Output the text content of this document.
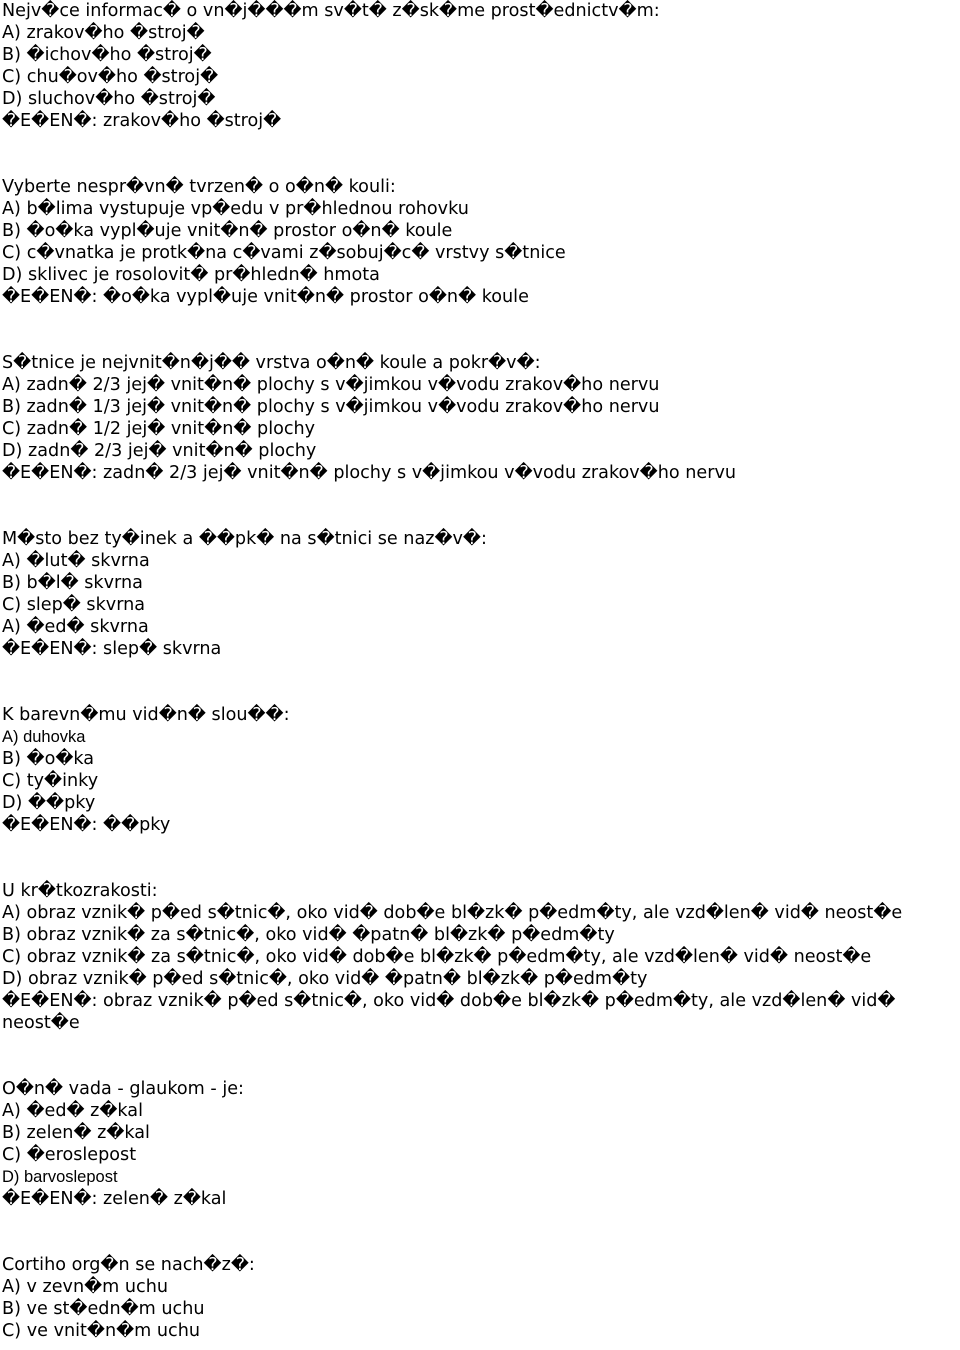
Nejv�ce informac� o vn�j���m sv�t� z�sk�me prost�ednictv�m:
A) zrakov�ho �stroj�
B) �ichov�ho �stroj�
C) chu�ov�ho �stroj�
D) sluchov�ho �stroj�
�E�EN�: zrakov�ho �stroj�
Vyberte nespr�vn� tvrzen� o o�n� kouli:
A) b�lima vystupuje vp�edu v pr�hlednou rohovku
B) �o�ka vypl�uje vnit�n� prostor o�n� koule
C) c�vnatka je protk�na c�vami z�sobuj�c� vrstvy s�tnice
D) sklivec je rosolovit� pr�hledn� hmota
�E�EN�: �o�ka vypl�uje vnit�n� prostor o�n� koule
S�tnice je nejvnit�n�j�� vrstva o�n� koule a pokr�v�:
A) zadn� 2/3 jej� vnit�n� plochy s v�jimkou v�vodu zrakov�ho nervu
B) zadn� 1/3 jej� vnit�n� plochy s v�jimkou v�vodu zrakov�ho nervu
C) zadn� 1/2 jej� vnit�n� plochy
D) zadn� 2/3 jej� vnit�n� plochy
�E�EN�: zadn� 2/3 jej� vnit�n� plochy s v�jimkou v�vodu zrakov�ho nervu
M�sto bez ty�inek a ��pk� na s�tnici se naz�v�:
A) �lut� skvrna
B) b�l� skvrna
C) slep� skvrna
A) �ed� skvrna
�E�EN�: slep� skvrna
K barevn�mu vid�n� slou��:
A) duhovka
B) �o�ka
C) ty�inky
D) ��pky
�E�EN�: ��pky
U kr�tkozrakosti:
A) obraz vznik� p�ed s�tnic�, oko vid� dob�e bl�zk� p�edm�ty, ale vzd�len� vid� neost�e
B) obraz vznik� za s�tnic�, oko vid� �patn� bl�zk� p�edm�ty
C) obraz vznik� za s�tnic�, oko vid� dob�e bl�zk� p�edm�ty, ale vzd�len� vid� neost�e
D) obraz vznik� p�ed s�tnic�, oko vid� �patn� bl�zk� p�edm�ty
�E�EN�: obraz vznik� p�ed s�tnic�, oko vid� dob�e bl�zk� p�edm�ty, ale vzd�len� vid� neost�e
O�n� vada - glaukom - je:
A) �ed� z�kal
B) zelen� z�kal
C) �eroslepost
D) barvoslepost
�E�EN�: zelen� z�kal
Cortiho org�n se nach�z�:
A) v zevn�m uchu
B) ve st�edn�m uchu
C) ve vnit�n�m uchu
